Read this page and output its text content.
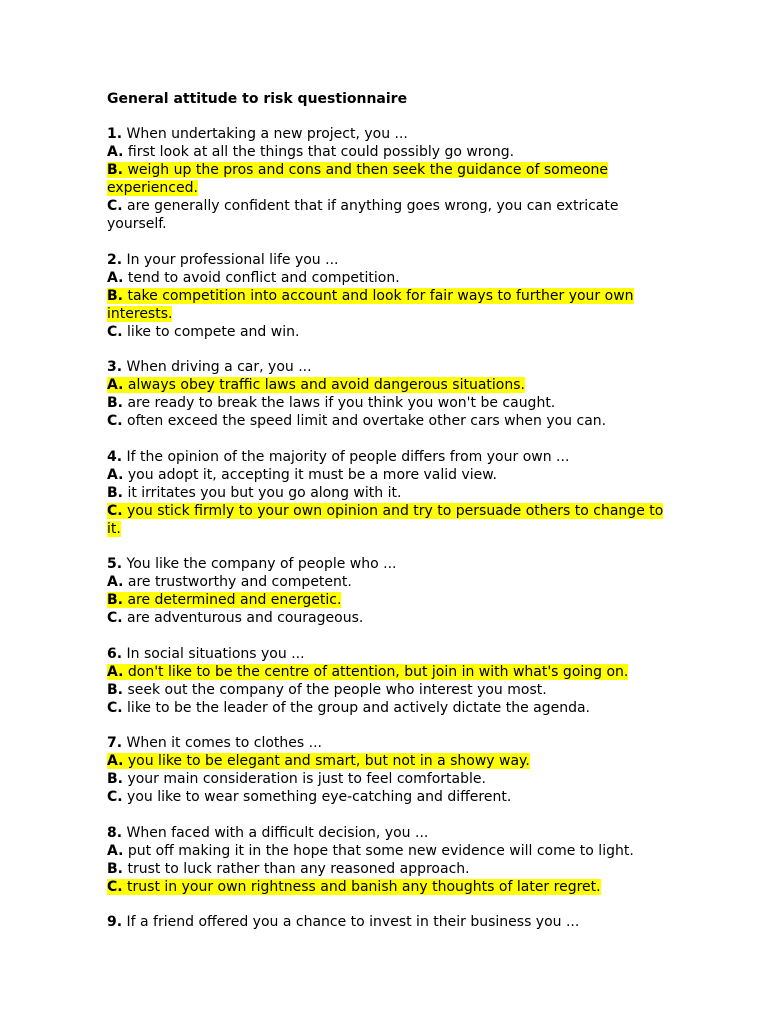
General attitude to risk questionnaire

1. When undertaking a new project, you ...

A. first look at all the things that could possibly go wrong.

B. weigh up the pros and cons and then seek the guidance of someone experienced.

C. are generally confident that if anything goes wrong, you can extricate yourself.

2. In your professional life you ...

A. tend to avoid conflict and competition.

B. take competition into account and look for fair ways to further your own interests.

C. like to compete and win.

3. When driving a car, you ...

A. always obey traffic laws and avoid dangerous situations.

B. are ready to break the laws if you think you won't be caught.

C. often exceed the speed limit and overtake other cars when you can.

4. If the opinion of the majority of people differs from your own ...

A. you adopt it, accepting it must be a more valid view.

B. it irritates you but you go along with it.

C. you stick firmly to your own opinion and try to persuade others to change to it.

5. You like the company of people who ...

A. are trustworthy and competent.

B. are determined and energetic.

C. are adventurous and courageous.

6. In social situations you ...

A. don't like to be the centre of attention, but join in with what's going on.

B. seek out the company of the people who interest you most.

C. like to be the leader of the group and actively dictate the agenda.

7. When it comes to clothes ...

A. you like to be elegant and smart, but not in a showy way.

B. your main consideration is just to feel comfortable.

C. you like to wear something eye-catching and different.

8. When faced with a difficult decision, you ...

A. put off making it in the hope that some new evidence will come to light.

B. trust to luck rather than any reasoned approach.

C. trust in your own rightness and banish any thoughts of later regret.

9. If a friend offered you a chance to invest in their business you ...
